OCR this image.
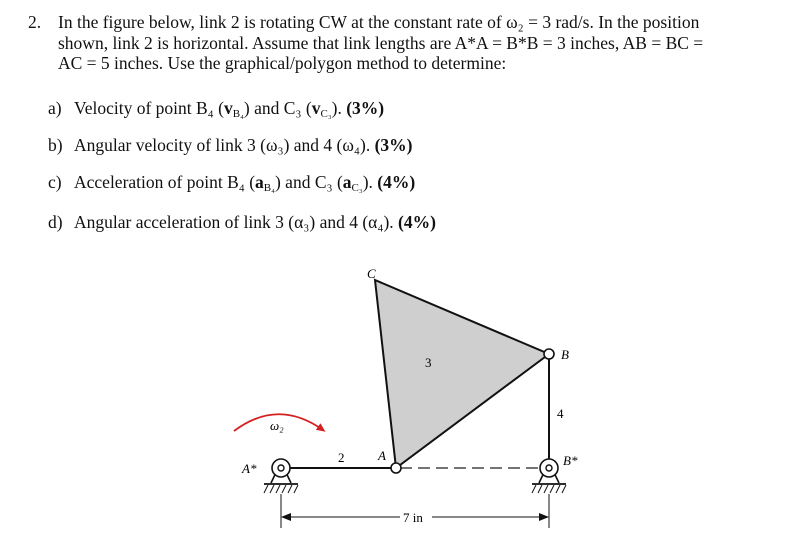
2. In the figure below, link 2 is rotating CW at the constant rate of ω₂ = 3 rad/s. In the position
shown, link 2 is horizontal. Assume that link lengths are A*A = B*B = 3 inches, AB = BC =
AC = 5 inches. Use the graphical/polygon method to determine:
a) Velocity of point B₄ $(v_{B_4})$ and C₃ $(v_{C_3})$. (3%)
b) Angular velocity of link 3 (ω₃) and 4 (ω₄). (3%)
c) Acceleration of point B₄ $(a_{B_4})$ and C₃ $(a_{C_3})$. (4%)
d) Angular acceleration of link 3 (α₃) and 4 (α₄). (4%)
C
B
A
A*
B*
2
3
4
ω₂
7 in
